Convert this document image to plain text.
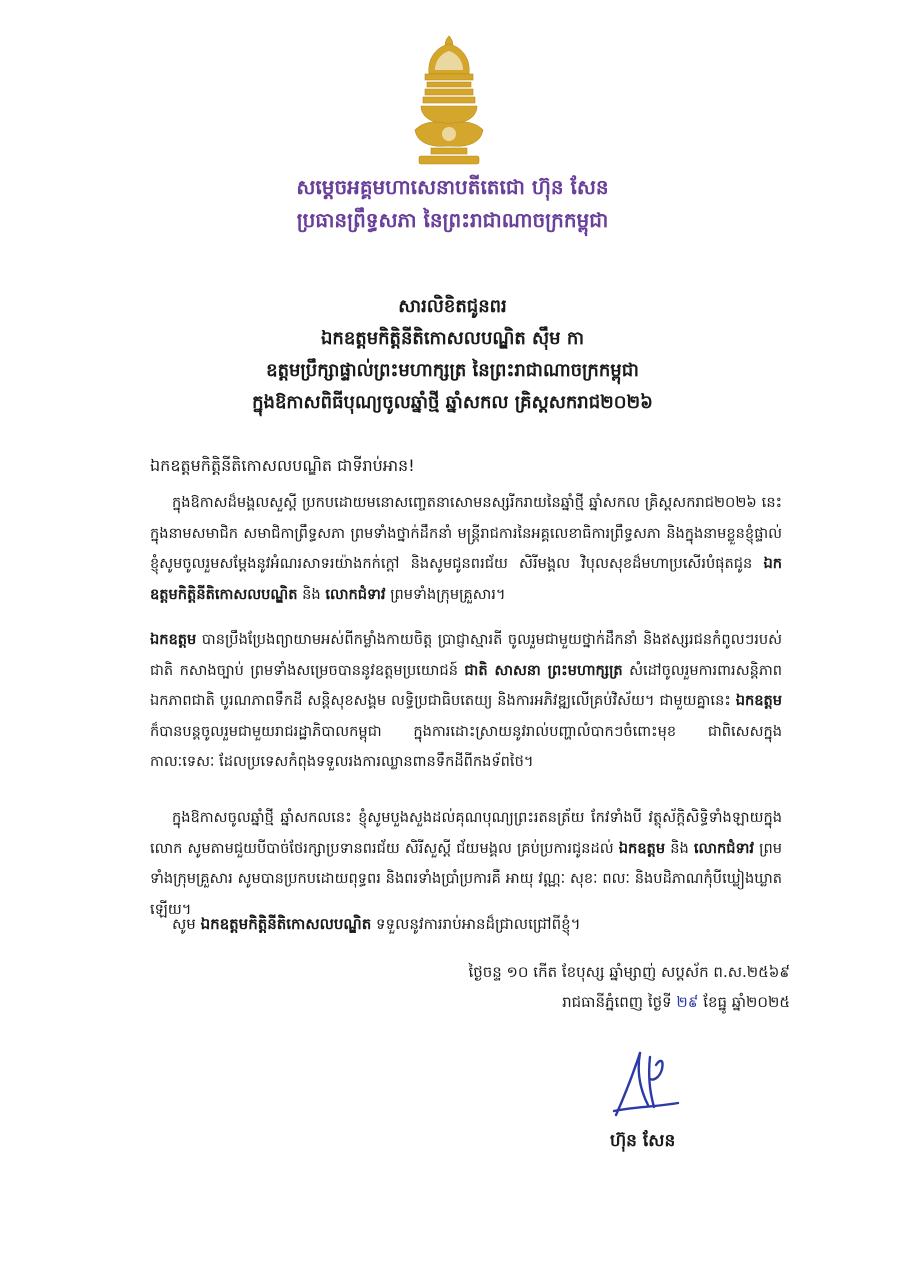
សម្តេចអគ្គមហាសេនាបតីតេជោ ហ៊ុន សែន
ប្រធានព្រឹទ្ធសភា នៃព្រះរាជាណាចក្រកម្ពុជា
សារលិខិតជូនពរ
ឯកឧត្តមកិត្តិនីតិកោសលបណ្ឌិត ស៊ឹម កា
ឧត្តមប្រឹក្សាផ្ទាល់ព្រះមហាក្សត្រ នៃព្រះរាជាណាចក្រកម្ពុជា
ក្នុងឱកាសពិធីបុណ្យចូលឆ្នាំថ្មី ឆ្នាំសកល គ្រិស្តសករាជ២០២៦
ឯកឧត្តមកិត្តិនីតិកោសលបណ្ឌិត ជាទីរាប់អាន!
ក្នុងឱកាសដ៏មង្គលសួស្តី ប្រកបដោយមនោសញ្ចេតនាសោមនស្សរីករាយនៃឆ្នាំថ្មី ឆ្នាំសកល គ្រិស្តសករាជ២០២៦ នេះ ក្នុងនាមសមាជិក សមាជិកាព្រឹទ្ធសភា ព្រមទាំងថ្នាក់ដឹកនាំ មន្ត្រីរាជការនៃអគ្គលេខាធិការព្រឹទ្ធសភា និងក្នុងនាមខ្លួនខ្ញុំផ្ទាល់ ខ្ញុំសូមចូលរួមសម្តែងនូវអំណរសាទរយ៉ាងកក់ក្តៅ និងសូមជូនពរជ័យ សិរីមង្គល វិបុលសុខដ៏មហាប្រសើរបំផុតជូន ឯកឧត្តមកិត្តិនីតិកោសលបណ្ឌិត និង លោកជំទាវ ព្រមទាំងក្រុមគ្រួសារ។
ឯកឧត្តម បានប្រឹងប្រែងព្យាយាមអស់ពីកម្លាំងកាយចិត្ត ប្រាជ្ញាស្មារតី ចូលរួមជាមួយថ្នាក់ដឹកនាំ និងឥស្សរជនកំពូលៗរបស់ជាតិ កសាងច្បាប់ ព្រមទាំងសម្រេចបាននូវឧត្តមប្រយោជន៍ ជាតិ សាសនា ព្រះមហាក្សត្រ សំដៅចូលរួមការពារសន្តិភាព ឯកភាពជាតិ បូរណភាពទឹកដី សន្តិសុខសង្គម លទ្ធិប្រជាធិបតេយ្យ និងការអភិវឌ្ឍលើគ្រប់វិស័យ។ ជាមួយគ្នានេះ ឯកឧត្តម ក៏បានបន្តចូលរួមជាមួយរាជរដ្ឋាភិបាលកម្ពុជា ក្នុងការដោះស្រាយនូវរាល់បញ្ហាលំបាកៗចំពោះមុខ ជាពិសេសក្នុងកាលៈទេសៈ ដែលប្រទេសកំពុងទទួលរងការឈ្លានពានទឹកដីពីកងទ័ពថៃ។
ក្នុងឱកាសចូលឆ្នាំថ្មី ឆ្នាំសកលនេះ ខ្ញុំសូមបួងសួងដល់គុណបុណ្យព្រះរតនត្រ័យ កែវទាំងបី វត្ថុស័ក្តិសិទ្ធិទាំងឡាយក្នុងលោក សូមតាមជួយបីបាច់ថែរក្សាប្រទានពរជ័យ សិរីសួស្តី ជ័យមង្គល គ្រប់ប្រការជូនដល់ ឯកឧត្តម និង លោកជំទាវ ព្រមទាំងក្រុមគ្រួសារ សូមបានប្រកបដោយពុទ្ធពរ និងពរទាំងប្រាំប្រការគឺ អាយុ វណ្ណៈ សុខៈ ពលៈ និងបដិភាណកុំបីឃ្លៀងឃ្លាតឡើយ។
សូម ឯកឧត្តមកិត្តិនីតិកោសលបណ្ឌិត ទទួលនូវការរាប់អានដ៏ជ្រាលជ្រៅពីខ្ញុំ។
ថ្ងៃចន្ទ ១០ កើត ខែបុស្ស ឆ្នាំម្សាញ់ សប្តស័ក ព.ស.២៥៦៩
រាជធានីភ្នំពេញ ថ្ងៃទី ២៩ ខែធ្នូ ឆ្នាំ២០២៥
ហ៊ុន សែន
